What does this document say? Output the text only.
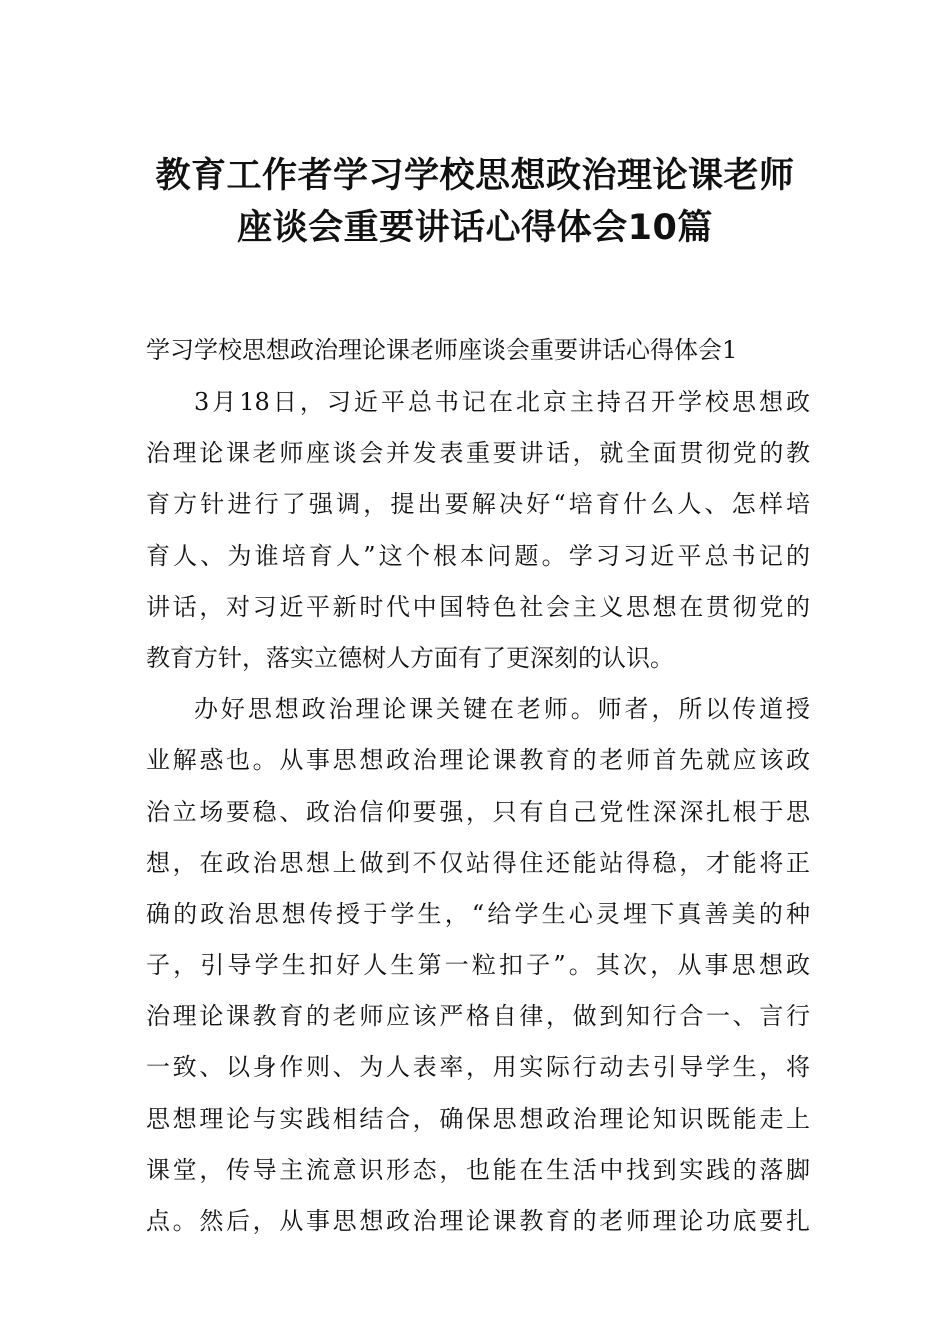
教育工作者学习学校思想政治理论课老师
座谈会重要讲话心得体会10篇

学习学校思想政治理论课老师座谈会重要讲话心得体会1

3月18日，习近平总书记在北京主持召开学校思想政
治理论课老师座谈会并发表重要讲话，就全面贯彻党的教
育方针进行了强调，提出要解决好“培育什么人、怎样培
育人、为谁培育人”这个根本问题。学习习近平总书记的
讲话，对习近平新时代中国特色社会主义思想在贯彻党的
教育方针，落实立德树人方面有了更深刻的认识。
办好思想政治理论课关键在老师。师者，所以传道授
业解惑也。从事思想政治理论课教育的老师首先就应该政
治立场要稳、政治信仰要强，只有自己党性深深扎根于思
想，在政治思想上做到不仅站得住还能站得稳，才能将正
确的政治思想传授于学生，“给学生心灵埋下真善美的种
子，引导学生扣好人生第一粒扣子”。其次，从事思想政
治理论课教育的老师应该严格自律，做到知行合一、言行
一致、以身作则、为人表率，用实际行动去引导学生，将
思想理论与实践相结合，确保思想政治理论知识既能走上
课堂，传导主流意识形态，也能在生活中找到实践的落脚
点。然后，从事思想政治理论课教育的老师理论功底要扎
